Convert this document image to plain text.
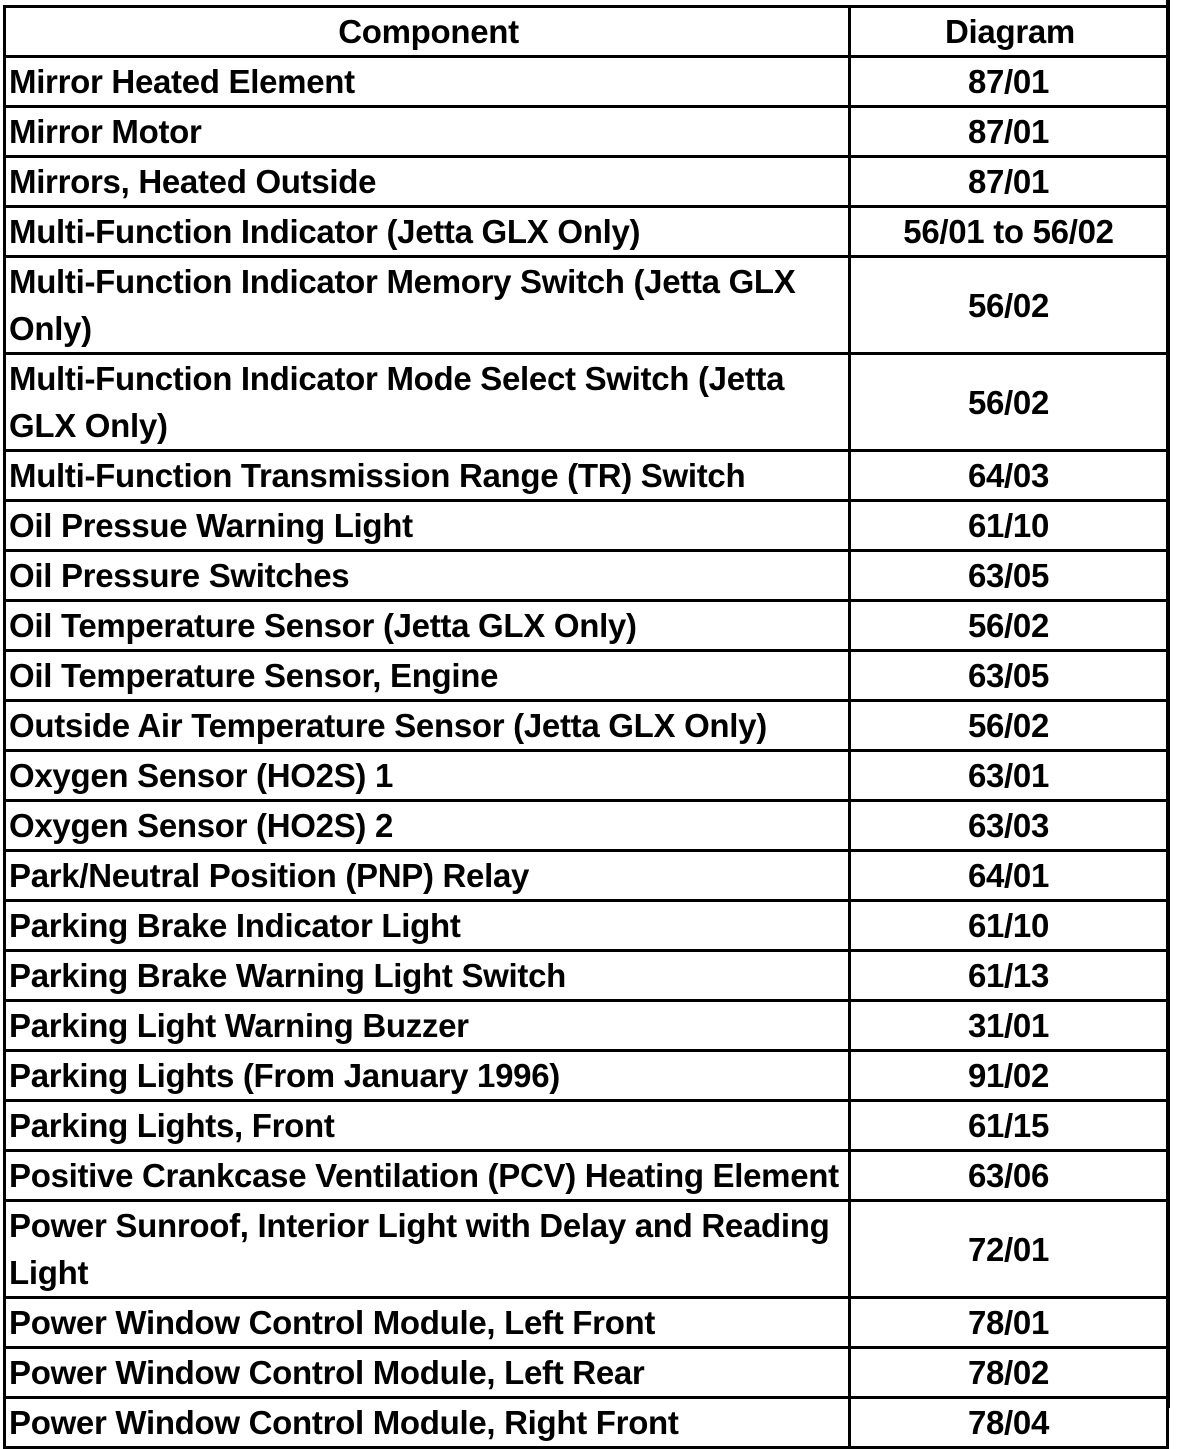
Component	Diagram
Mirror Heated Element	87/01
Mirror Motor	87/01
Mirrors, Heated Outside	87/01
Multi-Function Indicator (Jetta GLX Only)	56/01 to 56/02
Multi-Function Indicator Memory Switch (Jetta GLX Only)	56/02
Multi-Function Indicator Mode Select Switch (Jetta GLX Only)	56/02
Multi-Function Transmission Range (TR) Switch	64/03
Oil Pressue Warning Light	61/10
Oil Pressure Switches	63/05
Oil Temperature Sensor (Jetta GLX Only)	56/02
Oil Temperature Sensor, Engine	63/05
Outside Air Temperature Sensor (Jetta GLX Only)	56/02
Oxygen Sensor (HO2S) 1	63/01
Oxygen Sensor (HO2S) 2	63/03
Park/Neutral Position (PNP) Relay	64/01
Parking Brake Indicator Light	61/10
Parking Brake Warning Light Switch	61/13
Parking Light Warning Buzzer	31/01
Parking Lights (From January 1996)	91/02
Parking Lights, Front	61/15
Positive Crankcase Ventilation (PCV) Heating Element	63/06
Power Sunroof, Interior Light with Delay and Reading Light	72/01
Power Window Control Module, Left Front	78/01
Power Window Control Module, Left Rear	78/02
Power Window Control Module, Right Front	78/04
